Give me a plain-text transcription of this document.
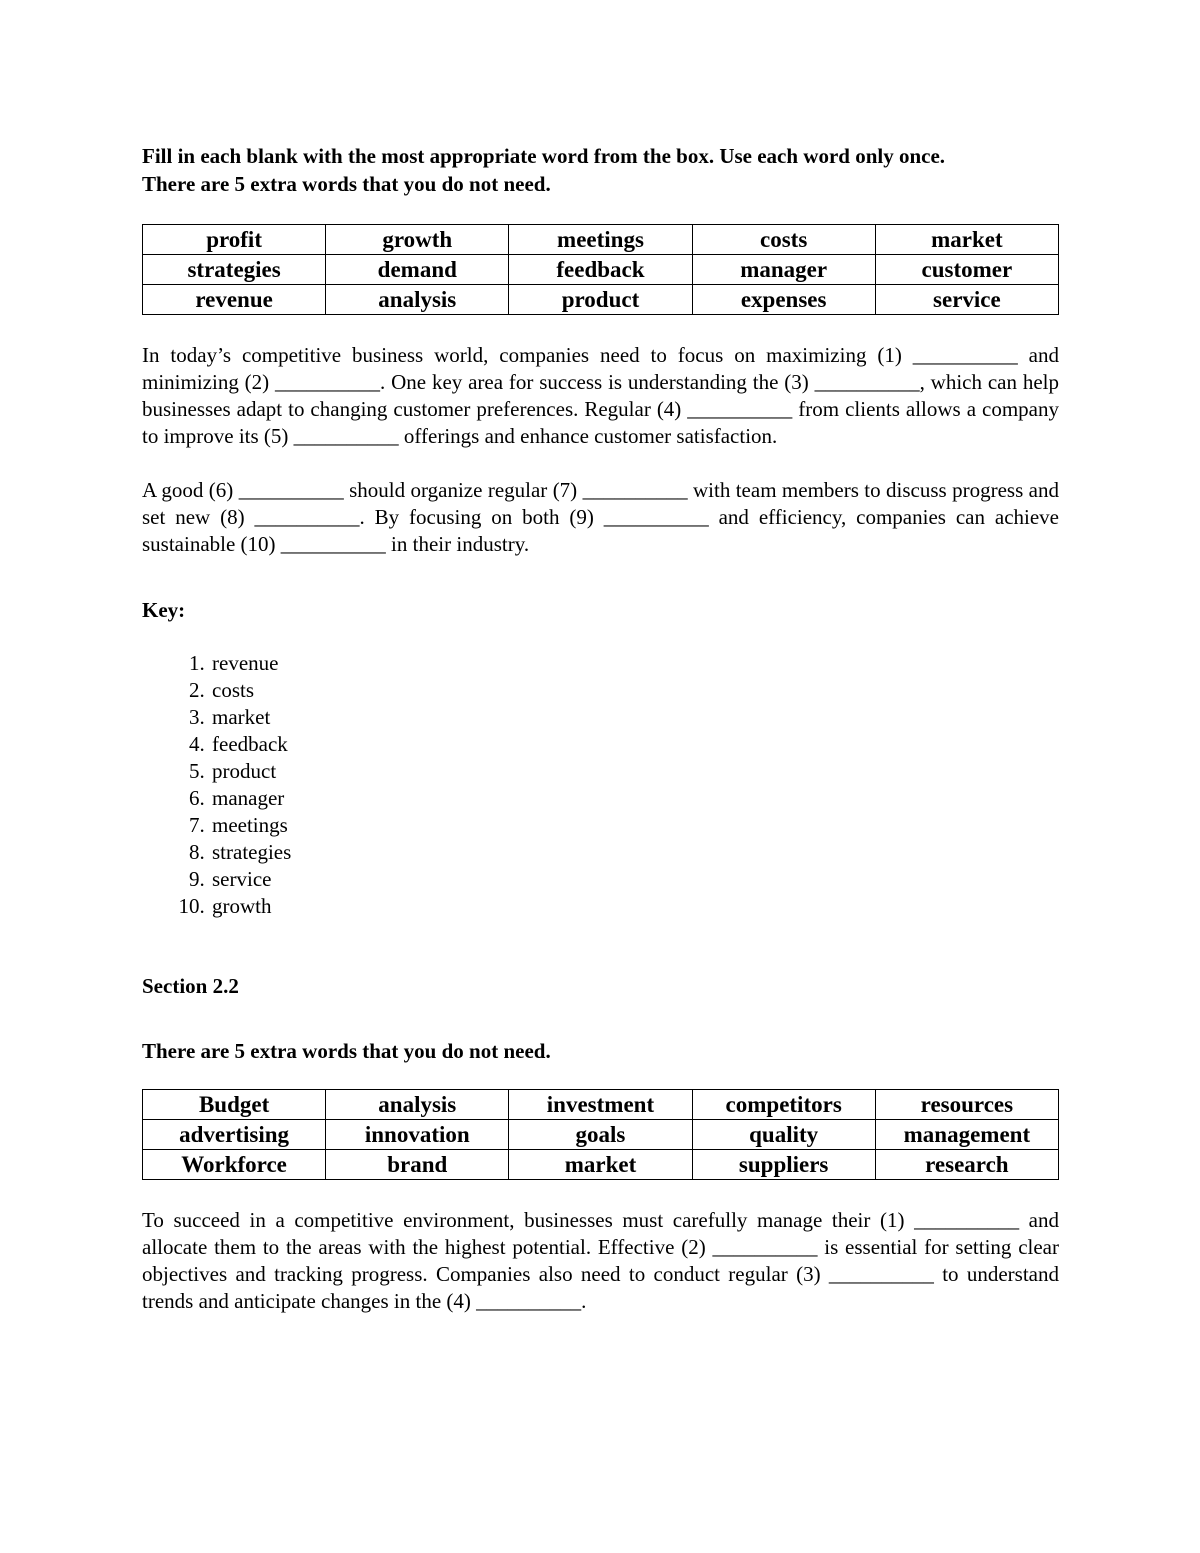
Fill in each blank with the most appropriate word from the box. Use each word only once.
There are 5 extra words that you do not need.

profit	growth	meetings	costs	market
strategies	demand	feedback	manager	customer
revenue	analysis	product	expenses	service

In today’s competitive business world, companies need to focus on maximizing (1) __________ and minimizing (2) __________. One key area for success is understanding the (3) __________, which can help businesses adapt to changing customer preferences. Regular (4) __________ from clients allows a company to improve its (5) __________ offerings and enhance customer satisfaction.

A good (6) __________ should organize regular (7) __________ with team members to discuss progress and set new (8) __________. By focusing on both (9) __________ and efficiency, companies can achieve sustainable (10) __________ in their industry.

Key:

1. revenue
2. costs
3. market
4. feedback
5. product
6. manager
7. meetings
8. strategies
9. service
10. growth

Section 2.2

There are 5 extra words that you do not need.

Budget	analysis	investment	competitors	resources
advertising	innovation	goals	quality	management
Workforce	brand	market	suppliers	research

To succeed in a competitive environment, businesses must carefully manage their (1) __________ and allocate them to the areas with the highest potential. Effective (2) __________ is essential for setting clear objectives and tracking progress. Companies also need to conduct regular (3) __________ to understand trends and anticipate changes in the (4) __________.
